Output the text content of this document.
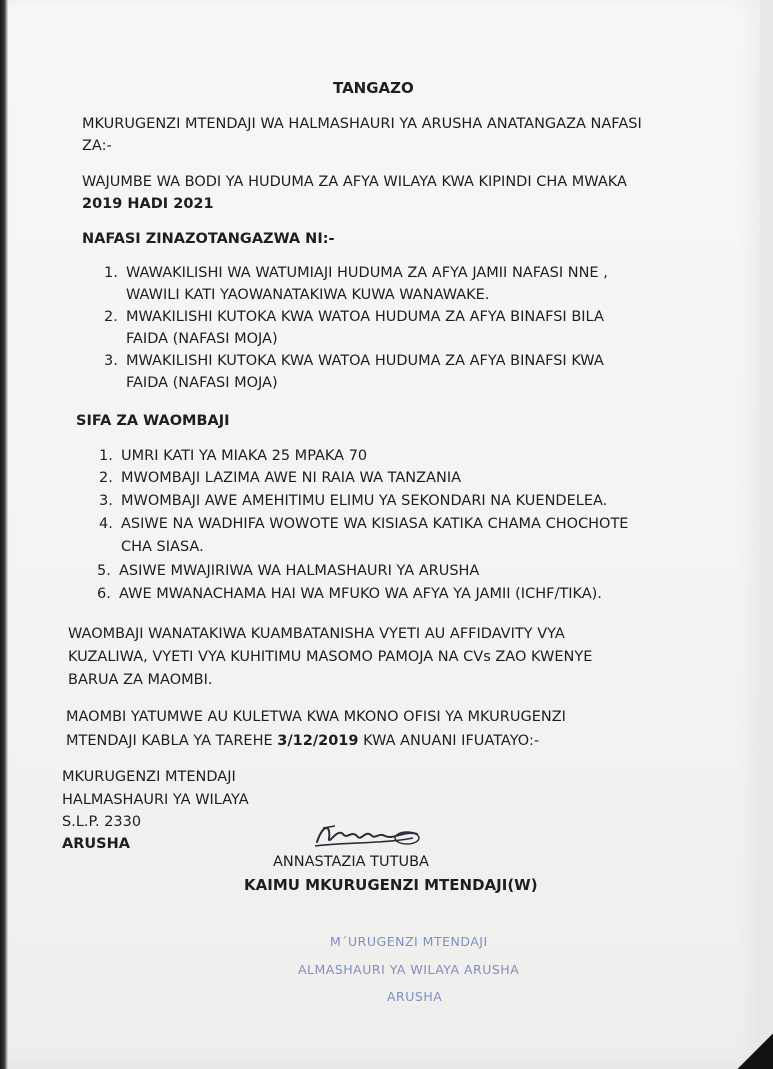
TANGAZO
MKURUGENZI MTENDAJI WA HALMASHAURI YA ARUSHA ANATANGAZA NAFASI
ZA:-
WAJUMBE WA BODI YA HUDUMA ZA AFYA WILAYA KWA KIPINDI CHA MWAKA
2019 HADI 2021
NAFASI ZINAZOTANGAZWA NI:-
1. WAWAKILISHI WA WATUMIAJI HUDUMA ZA AFYA JAMII NAFASI NNE ,
WAWILI KATI YAOWANATAKIWA KUWA WANAWAKE.
2. MWAKILISHI KUTOKA KWA WATOA HUDUMA ZA AFYA BINAFSI BILA
FAIDA (NAFASI MOJA)
3. MWAKILISHI KUTOKA KWA WATOA HUDUMA ZA AFYA BINAFSI KWA
FAIDA (NAFASI MOJA)
SIFA ZA WAOMBAJI
1. UMRI KATI YA MIAKA 25 MPAKA 70
2. MWOMBAJI LAZIMA AWE NI RAIA WA TANZANIA
3. MWOMBAJI AWE AMEHITIMU ELIMU YA SEKONDARI NA KUENDELEA.
4. ASIWE NA WADHIFA WOWOTE WA KISIASA KATIKA CHAMA CHOCHOTE
CHA SIASA.
5. ASIWE MWAJIRIWA WA HALMASHAURI YA ARUSHA
6. AWE MWANACHAMA HAI WA MFUKO WA AFYA YA JAMII (ICHF/TIKA).
WAOMBAJI WANATAKIWA KUAMBATANISHA VYETI AU AFFIDAVITY VYA
KUZALIWA, VYETI VYA KUHITIMU MASOMO PAMOJA NA CVs ZAO KWENYE
BARUA ZA MAOMBI.
MAOMBI YATUMWE AU KULETWA KWA MKONO OFISI YA MKURUGENZI
MTENDAJI KABLA YA TAREHE 3/12/2019 KWA ANUANI IFUATAYO:-
MKURUGENZI MTENDAJI
HALMASHAURI YA WILAYA
S.L.P. 2330
ARUSHA
ANNASTAZIA TUTUBA
KAIMU MKURUGENZI MTENDAJI(W)
M´URUGENZI MTENDAJI
ALMASHAURI YA WILAYA ARUSHA
ARUSHA
